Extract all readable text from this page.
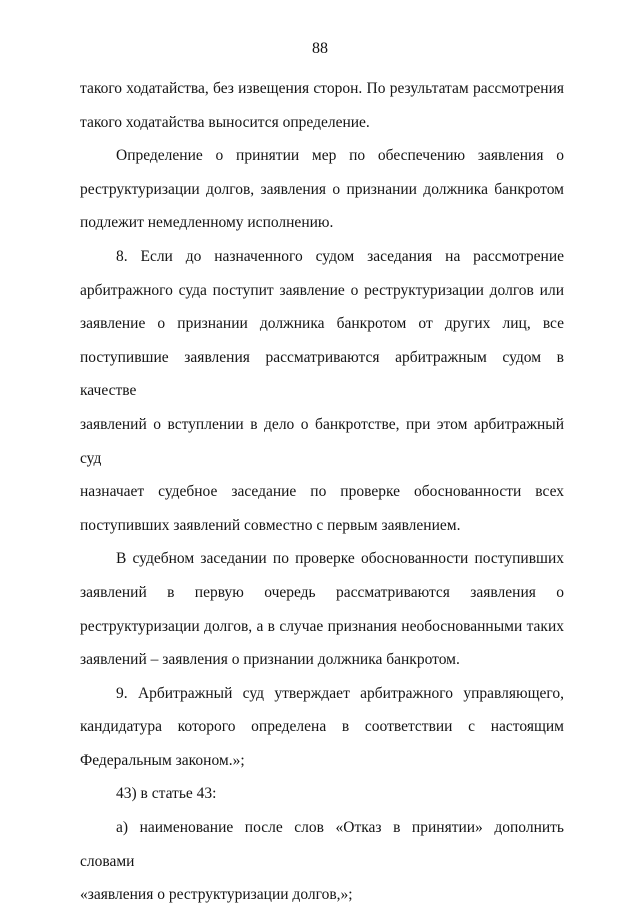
88

такого ходатайства, без извещения сторон. По результатам рассмотрения

такого ходатайства выносится определение.

Определение о принятии мер по обеспечению заявления о

реструктуризации долгов, заявления о признании должника банкротом

подлежит немедленному исполнению.

8. Если до назначенного судом заседания на рассмотрение

арбитражного суда поступит заявление о реструктуризации долгов или

заявление о признании должника банкротом от других лиц, все

поступившие заявления рассматриваются арбитражным судом в качестве

заявлений о вступлении в дело о банкротстве, при этом арбитражный суд

назначает судебное заседание по проверке обоснованности всех

поступивших заявлений совместно с первым заявлением.

В судебном заседании по проверке обоснованности поступивших

заявлений в первую очередь рассматриваются заявления о

реструктуризации долгов, а в случае признания необоснованными таких

заявлений – заявления о признании должника банкротом.

9. Арбитражный суд утверждает арбитражного управляющего,

кандидатура которого определена в соответствии с настоящим

Федеральным законом.»;

43) в статье 43:

а) наименование после слов «Отказ в принятии» дополнить словами

«заявления о реструктуризации долгов,»;
